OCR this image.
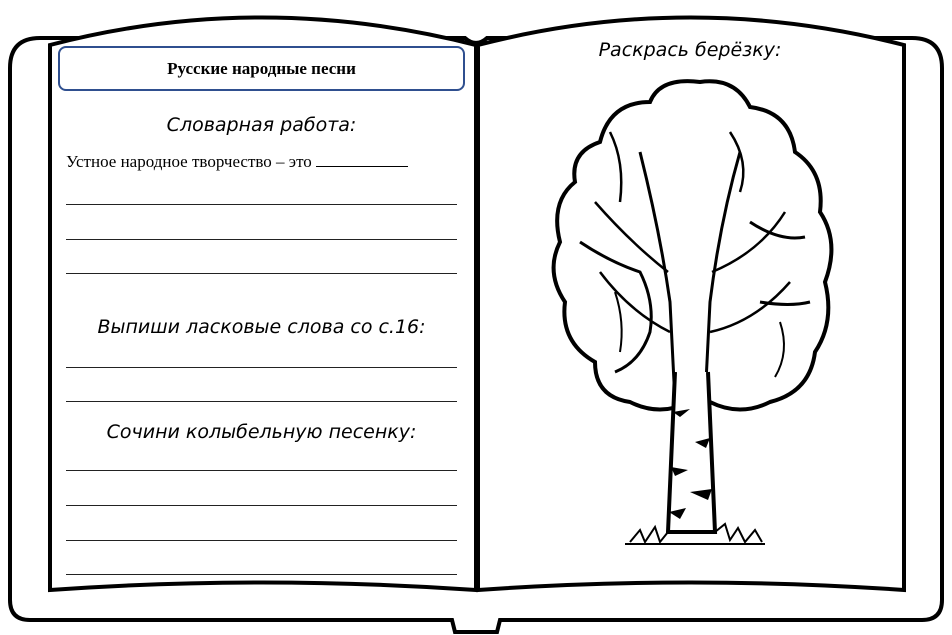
Русские народные песни
Словарная работа:
Устное народное творчество – это
Выпиши ласковые слова со с.16:
Сочини колыбельную песенку:
Раскрась берёзку:
